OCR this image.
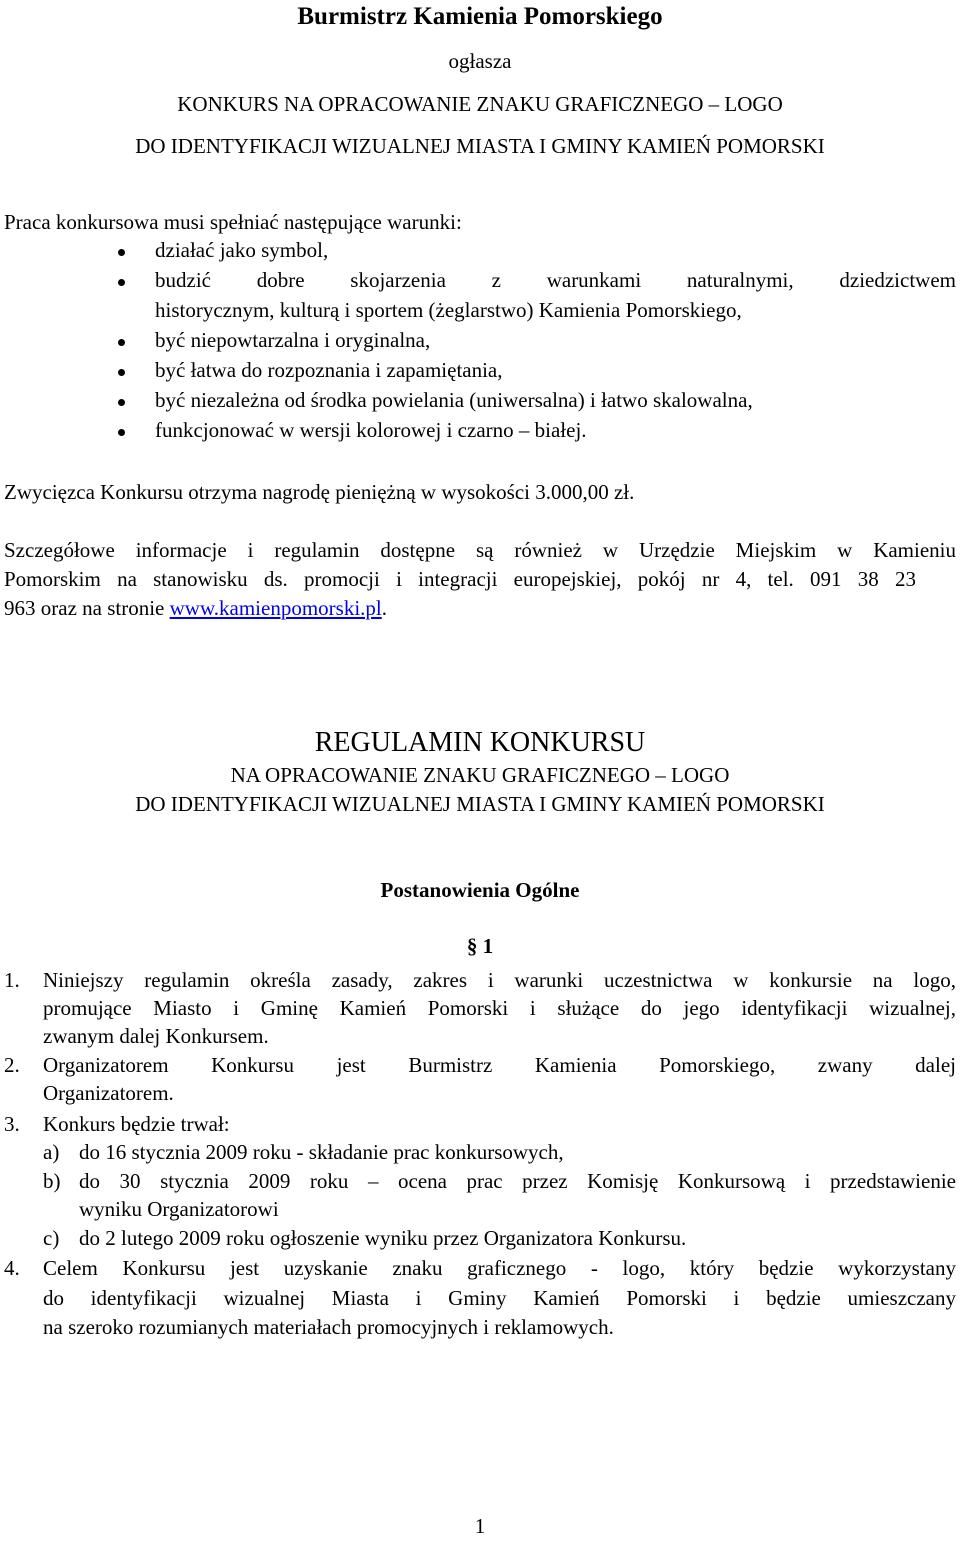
Burmistrz Kamienia Pomorskiego
ogłasza
KONKURS NA OPRACOWANIE ZNAKU GRAFICZNEGO – LOGO
DO IDENTYFIKACJI WIZUALNEJ MIASTA I GMINY KAMIEŃ POMORSKI
Praca konkursowa musi spełniać następujące warunki:
działać jako symbol,
budzić dobre skojarzenia z warunkami naturalnymi, dziedzictwem
historycznym, kulturą i sportem (żeglarstwo) Kamienia Pomorskiego,
być niepowtarzalna i oryginalna,
być łatwa do rozpoznania i zapamiętania,
być niezależna od środka powielania (uniwersalna) i łatwo skalowalna,
funkcjonować w wersji kolorowej i czarno – białej.
Zwycięzca Konkursu otrzyma nagrodę pieniężną w wysokości 3.000,00 zł.
Szczegółowe informacje i regulamin dostępne są również w Urzędzie Miejskim w Kamieniu
Pomorskim na stanowisku ds. promocji i integracji europejskiej, pokój nr 4, tel. 091 38 23
963 oraz na stronie www.kamienpomorski.pl.
REGULAMIN KONKURSU
NA OPRACOWANIE ZNAKU GRAFICZNEGO – LOGO
DO IDENTYFIKACJI WIZUALNEJ MIASTA I GMINY KAMIEŃ POMORSKI
Postanowienia Ogólne
§ 1
1. Niniejszy regulamin określa zasady, zakres i warunki uczestnictwa w konkursie na logo,
promujące Miasto i Gminę Kamień Pomorski i służące do jego identyfikacji wizualnej,
zwanym dalej Konkursem.
2. Organizatorem Konkursu jest Burmistrz Kamienia Pomorskiego, zwany dalej
Organizatorem.
3. Konkurs będzie trwał:
a) do 16 stycznia 2009 roku - składanie prac konkursowych,
b) do 30 stycznia 2009 roku – ocena prac przez Komisję Konkursową i przedstawienie
wyniku Organizatorowi
c) do 2 lutego 2009 roku ogłoszenie wyniku przez Organizatora Konkursu.
4. Celem Konkursu jest uzyskanie znaku graficznego - logo, który będzie wykorzystany
do identyfikacji wizualnej Miasta i Gminy Kamień Pomorski i będzie umieszczany
na szeroko rozumianych materiałach promocyjnych i reklamowych.
1
